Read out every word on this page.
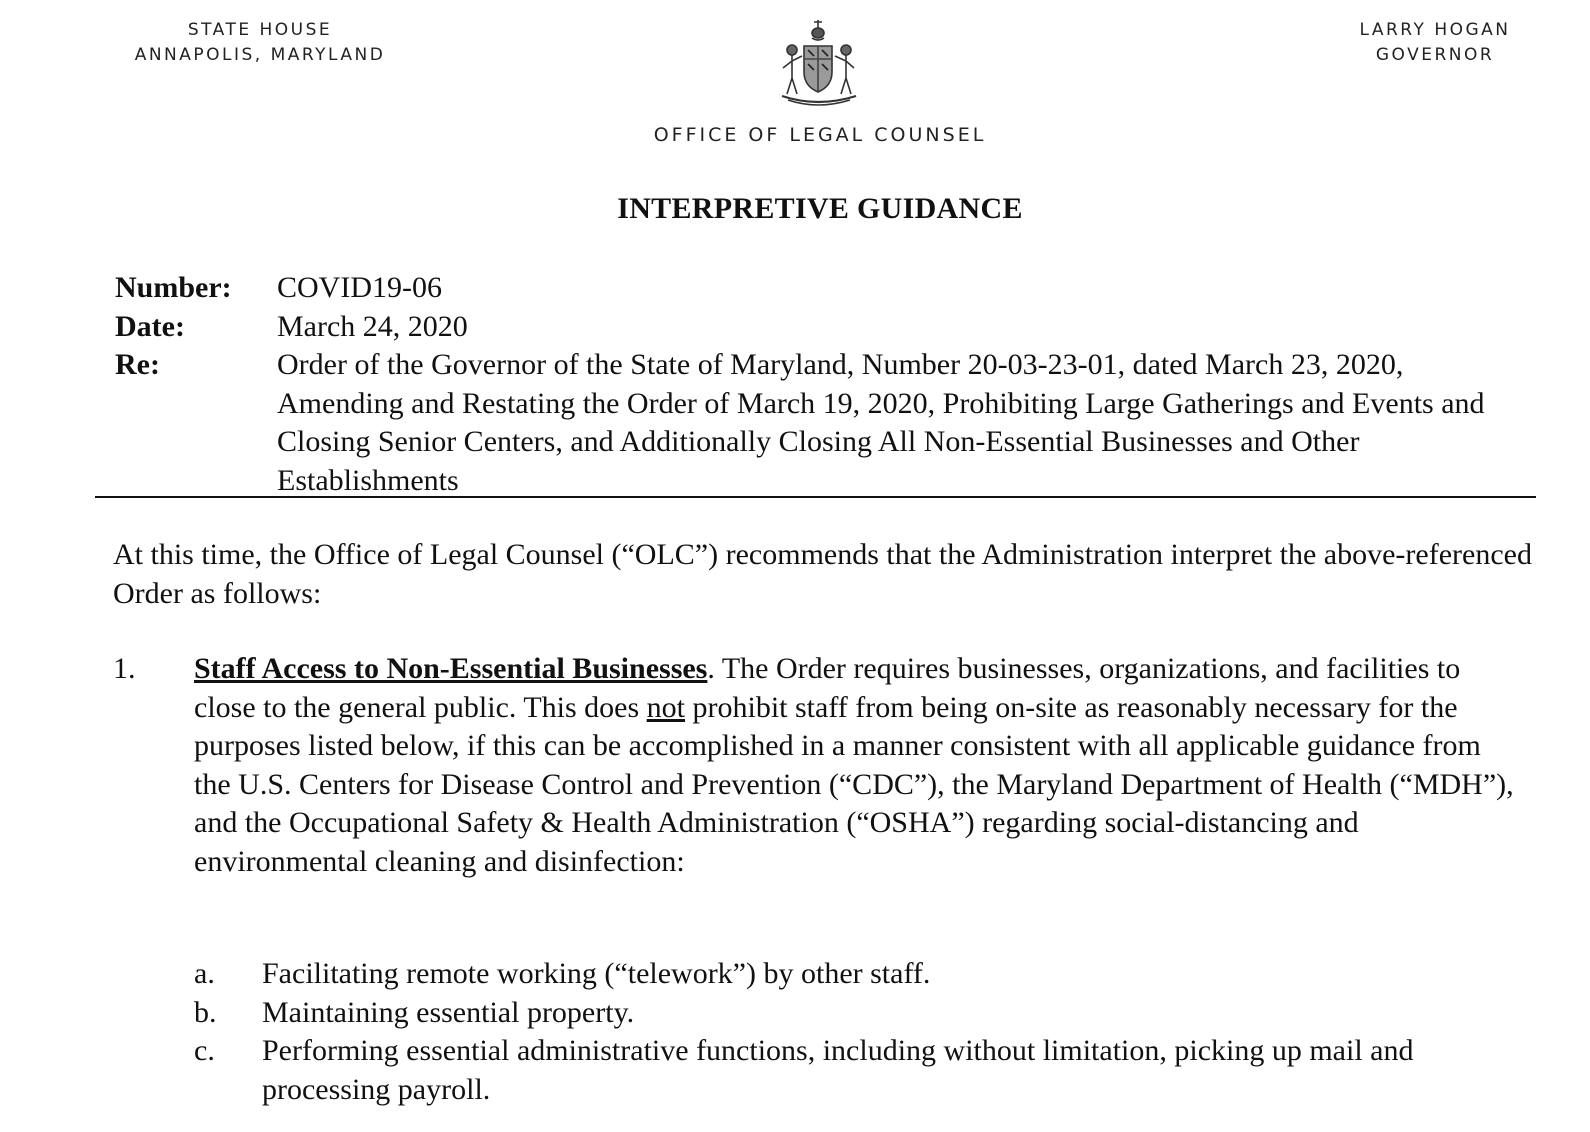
STATE HOUSE
ANNAPOLIS, MARYLAND
LARRY HOGAN
GOVERNOR
OFFICE OF LEGAL COUNSEL
INTERPRETIVE GUIDANCE
Number:	COVID19-06
Date:	March 24, 2020
Re:	Order of the Governor of the State of Maryland, Number 20-03-23-01, dated March 23, 2020, Amending and Restating the Order of March 19, 2020, Prohibiting Large Gatherings and Events and Closing Senior Centers, and Additionally Closing All Non-Essential Businesses and Other Establishments
At this time, the Office of Legal Counsel (“OLC”) recommends that the Administration interpret the above-referenced Order as follows:
1. Staff Access to Non-Essential Businesses. The Order requires businesses, organizations, and facilities to close to the general public. This does not prohibit staff from being on-site as reasonably necessary for the purposes listed below, if this can be accomplished in a manner consistent with all applicable guidance from the U.S. Centers for Disease Control and Prevention (“CDC”), the Maryland Department of Health (“MDH”), and the Occupational Safety & Health Administration (“OSHA”) regarding social-distancing and environmental cleaning and disinfection:
a.	Facilitating remote working (“telework”) by other staff.
b.	Maintaining essential property.
c.	Performing essential administrative functions, including without limitation, picking up mail and processing payroll.
